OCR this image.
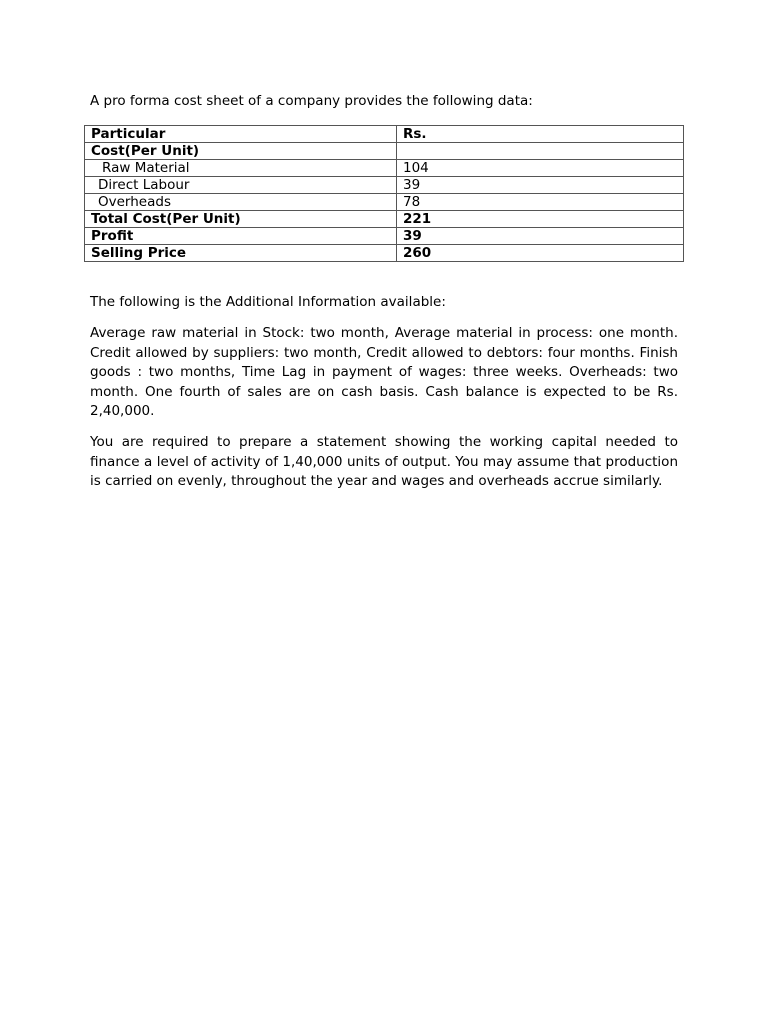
A pro forma cost sheet of a company provides the following data:
Particular	Rs.
Cost(Per Unit)	
Raw Material	104
Direct Labour	39
Overheads	78
Total Cost(Per Unit)	221
Profit	39
Selling Price	260
The following is the Additional Information available:
Average raw material in Stock: two month, Average material in process: one month. Credit allowed by suppliers: two month, Credit allowed to debtors: four months. Finish goods : two months, Time Lag in payment of wages: three weeks. Overheads: two month. One fourth of sales are on cash basis. Cash balance is expected to be Rs. 2,40,000.
You are required to prepare a statement showing the working capital needed to finance a level of activity of 1,40,000 units of output. You may assume that production is carried on evenly, throughout the year and wages and overheads accrue similarly.
